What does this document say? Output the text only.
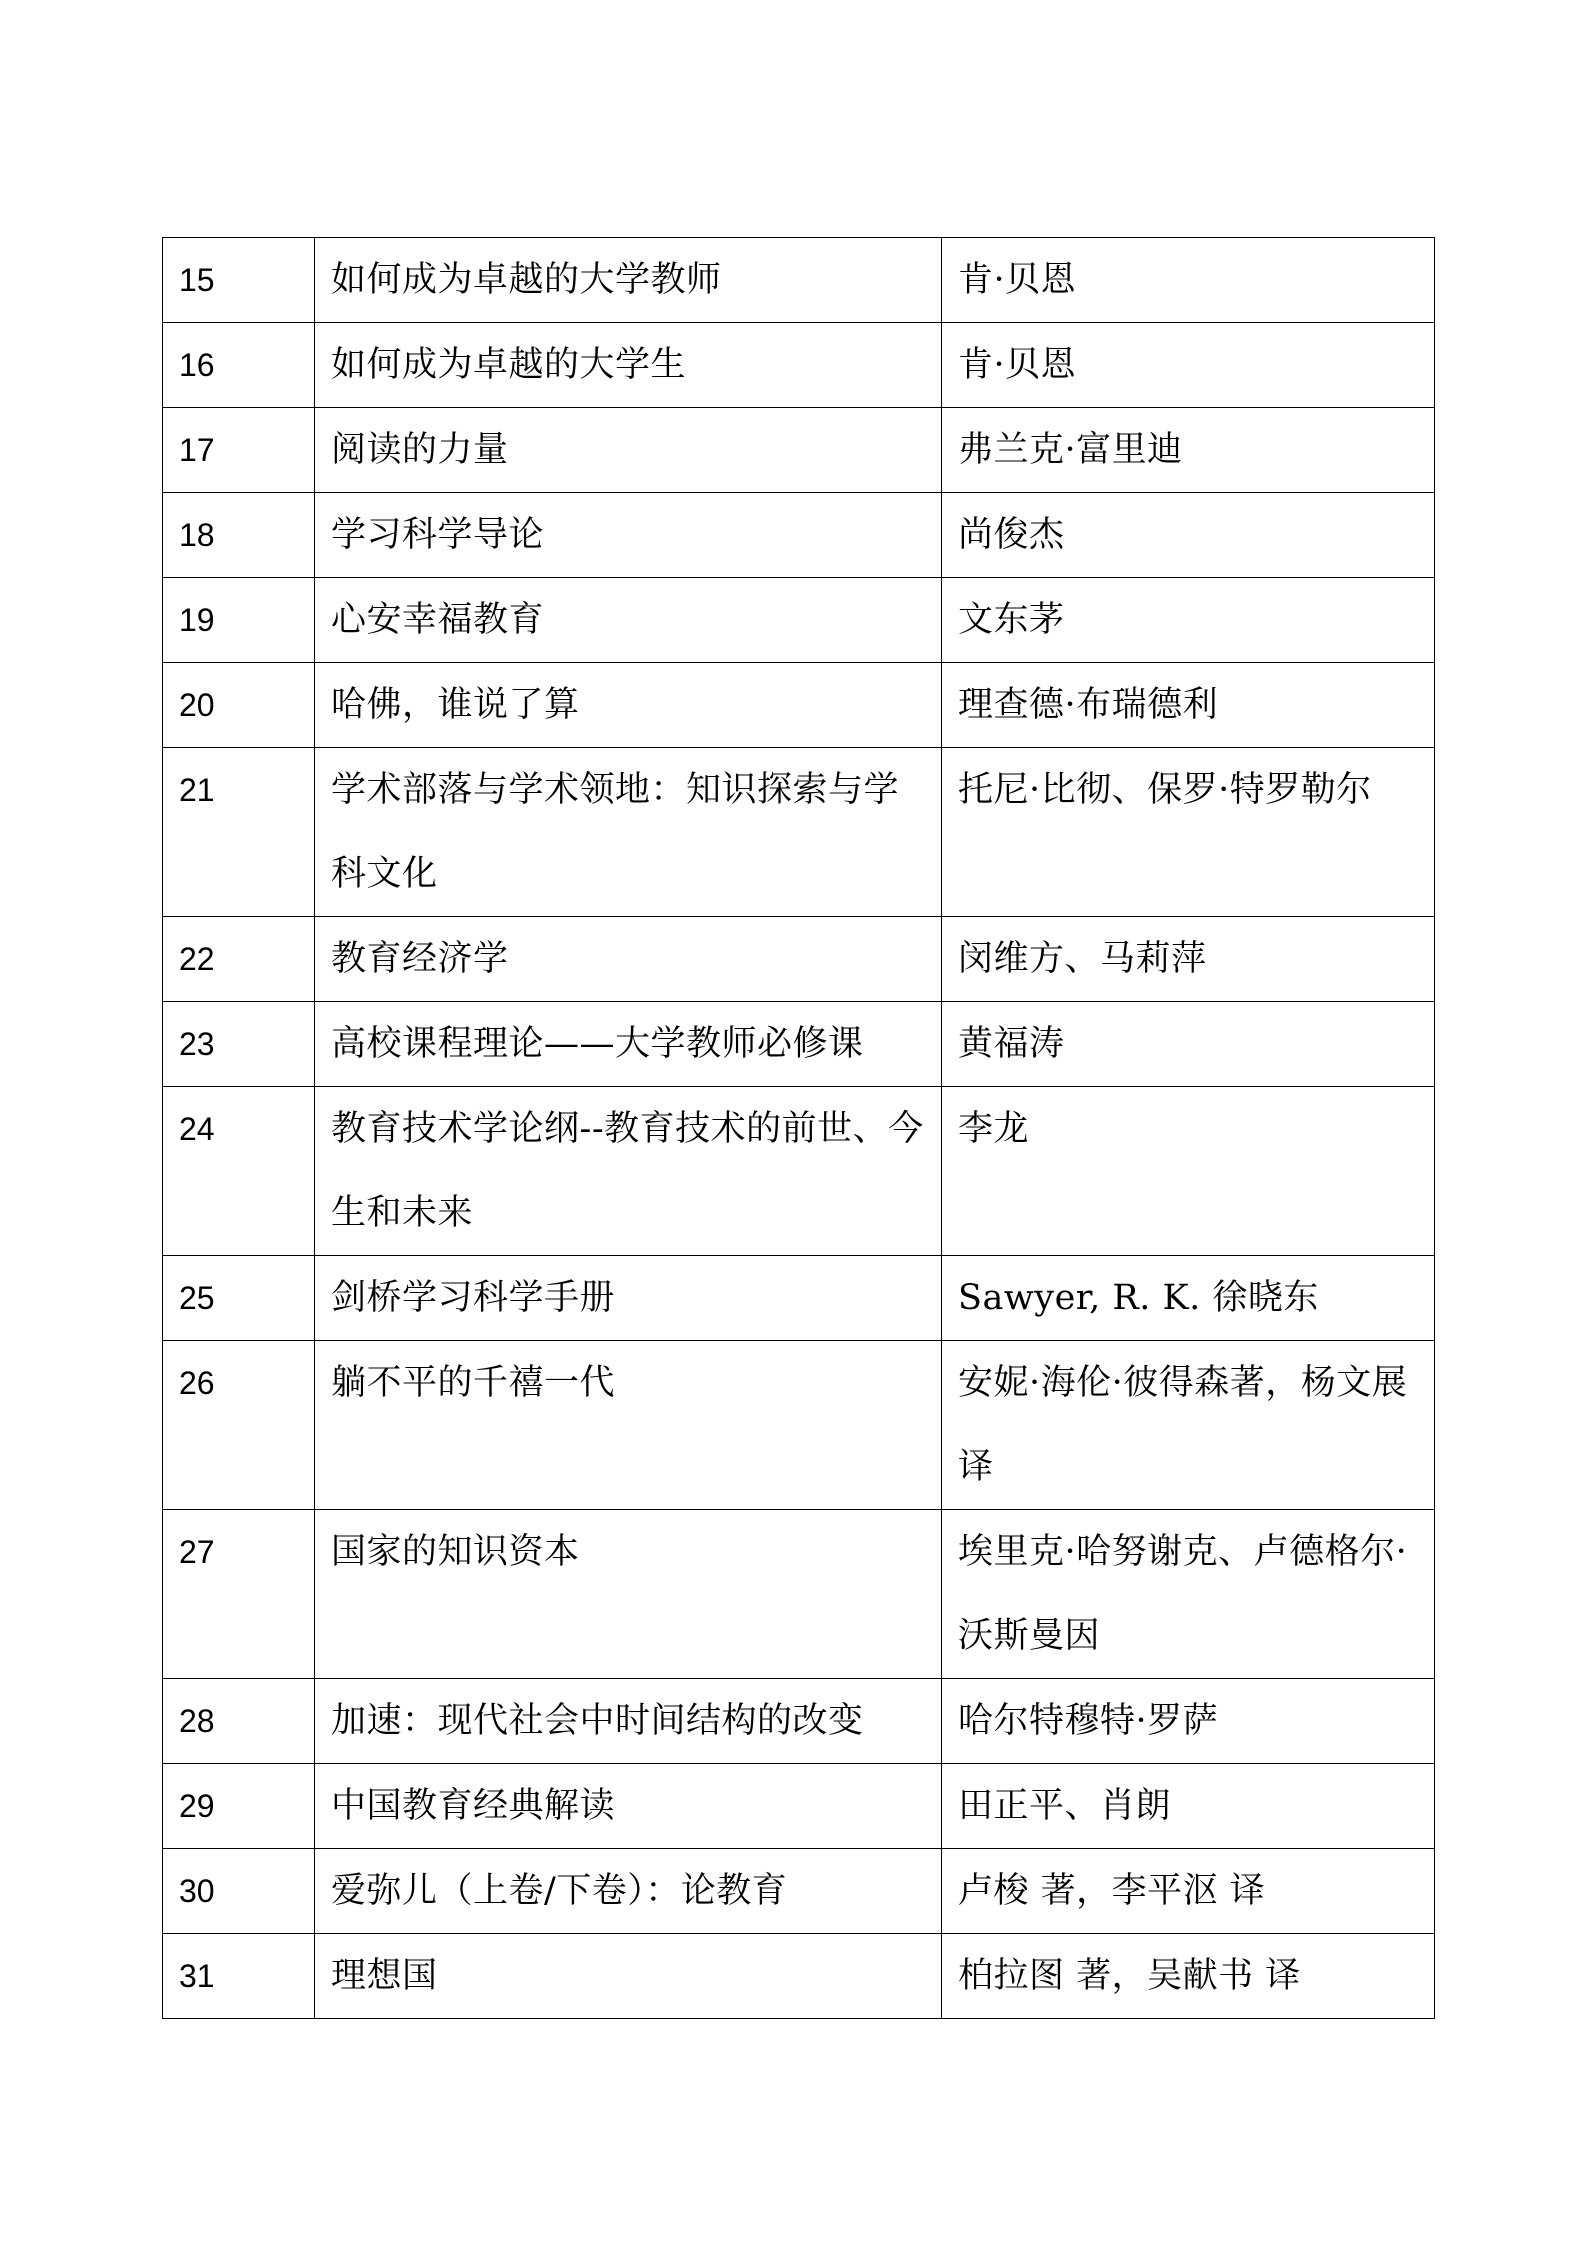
15	如何成为卓越的大学教师	肯·贝恩
16	如何成为卓越的大学生	肯·贝恩
17	阅读的力量	弗兰克·富里迪
18	学习科学导论	尚俊杰
19	心安幸福教育	文东茅
20	哈佛，谁说了算	理查德·布瑞德利
21	学术部落与学术领地：知识探索与学科文化	托尼·比彻、保罗·特罗勒尔
22	教育经济学	闵维方、马莉萍
23	高校课程理论——大学教师必修课	黄福涛
24	教育技术学论纲--教育技术的前世、今生和未来	李龙
25	剑桥学习科学手册	Sawyer, R. K. 徐晓东
26	躺不平的千禧一代	安妮·海伦·彼得森著，杨文展译
27	国家的知识资本	埃里克·哈努谢克、卢德格尔·沃斯曼因
28	加速：现代社会中时间结构的改变	哈尔特穆特·罗萨
29	中国教育经典解读	田正平、肖朗
30	爱弥儿（上卷/下卷）：论教育	卢梭 著，李平沤 译
31	理想国	柏拉图 著，吴献书 译
